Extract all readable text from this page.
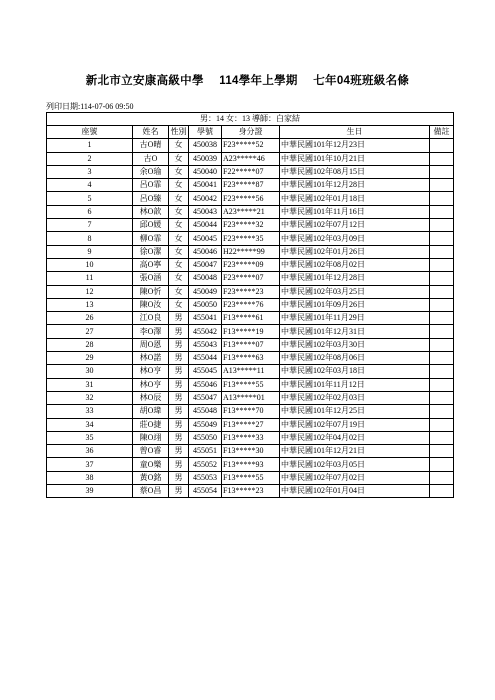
新北市立安康高級中學 114學年上學期 七年04班班級名條
列印日期:114-07-06 09:50
男：14 女：13 導師：白家結						
座號	姓名	性別	學號	身分證	生日	備註
1	古O晴	女	450038	F23*****52	中華民國101年12月23日	
2	古O	女	450039	A23*****46	中華民國101年10月21日	
3	余O瑜	女	450040	F22*****07	中華民國102年08月15日	
4	呂O霏	女	450041	F23*****87	中華民國101年12月28日	
5	呂O臻	女	450042	F23*****56	中華民國102年01月18日	
6	林O歆	女	450043	A23*****21	中華民國101年11月16日	
7	邱O媛	女	450044	F23*****32	中華民國102年07月12日	
8	柳O霏	女	450045	F23*****35	中華民國102年03月09日	
9	徐O潔	女	450046	H22*****99	中華民國102年01月26日	
10	高O寧	女	450047	F23*****09	中華民國102年08月02日	
11	張O涵	女	450048	F23*****07	中華民國101年12月28日	
12	陳O忻	女	450049	F23*****23	中華民國102年03月25日	
13	陳O汝	女	450050	F23*****76	中華民國101年09月26日	
26	江O良	男	455041	F13*****61	中華民國101年11月29日	
27	李O澤	男	455042	F13*****19	中華民國101年12月31日	
28	周O恩	男	455043	F13*****07	中華民國102年03月30日	
29	林O諾	男	455044	F13*****63	中華民國102年08月06日	
30	林O亨	男	455045	A13*****11	中華民國102年03月18日	
31	林O亨	男	455046	F13*****55	中華民國101年11月12日	
32	林O辰	男	455047	A13*****01	中華民國102年02月03日	
33	胡O瑋	男	455048	F13*****70	中華民國101年12月25日	
34	莊O捷	男	455049	F13*****27	中華民國102年07月19日	
35	陳O翊	男	455050	F13*****33	中華民國102年04月02日	
36	曾O睿	男	455051	F13*****30	中華民國101年12月21日	
37	童O樂	男	455052	F13*****93	中華民國102年03月05日	
38	黃O銘	男	455053	F13*****55	中華民國102年07月02日	
39	蔡O昌	男	455054	F13*****23	中華民國102年01月04日	
